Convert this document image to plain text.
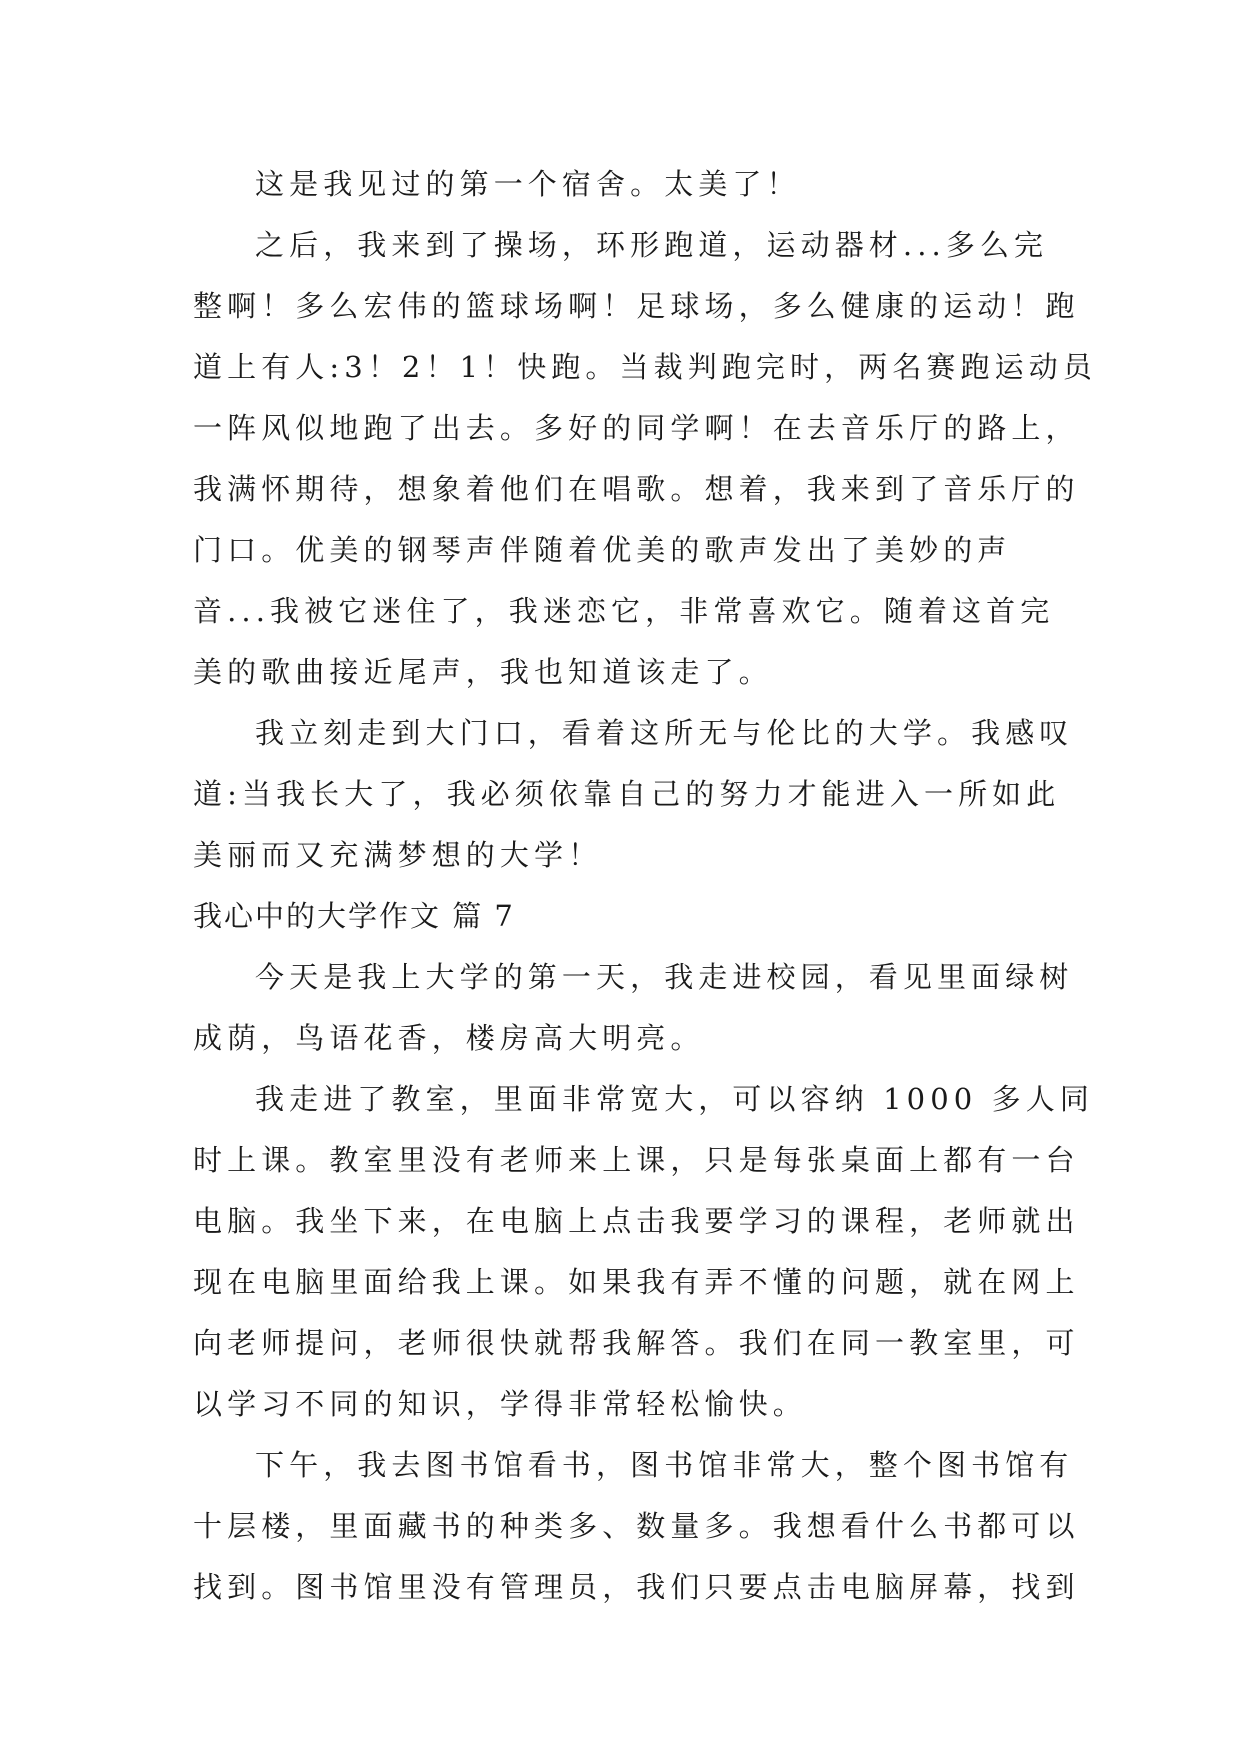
这是我见过的第一个宿舍。太美了！
之后，我来到了操场，环形跑道，运动器材...多么完
整啊！多么宏伟的篮球场啊！足球场，多么健康的运动！跑
道上有人:3！2！1！快跑。当裁判跑完时，两名赛跑运动员
一阵风似地跑了出去。多好的同学啊！在去音乐厅的路上，
我满怀期待，想象着他们在唱歌。想着，我来到了音乐厅的
门口。优美的钢琴声伴随着优美的歌声发出了美妙的声
音...我被它迷住了，我迷恋它，非常喜欢它。随着这首完
美的歌曲接近尾声，我也知道该走了。
我立刻走到大门口，看着这所无与伦比的大学。我感叹
道:当我长大了，我必须依靠自己的努力才能进入一所如此
美丽而又充满梦想的大学！
我心中的大学作文 篇 7
今天是我上大学的第一天，我走进校园，看见里面绿树
成荫，鸟语花香，楼房高大明亮。
我走进了教室，里面非常宽大，可以容纳 1000 多人同
时上课。教室里没有老师来上课，只是每张桌面上都有一台
电脑。我坐下来，在电脑上点击我要学习的课程，老师就出
现在电脑里面给我上课。如果我有弄不懂的问题，就在网上
向老师提问，老师很快就帮我解答。我们在同一教室里，可
以学习不同的知识，学得非常轻松愉快。
下午，我去图书馆看书，图书馆非常大，整个图书馆有
十层楼，里面藏书的种类多、数量多。我想看什么书都可以
找到。图书馆里没有管理员，我们只要点击电脑屏幕，找到
